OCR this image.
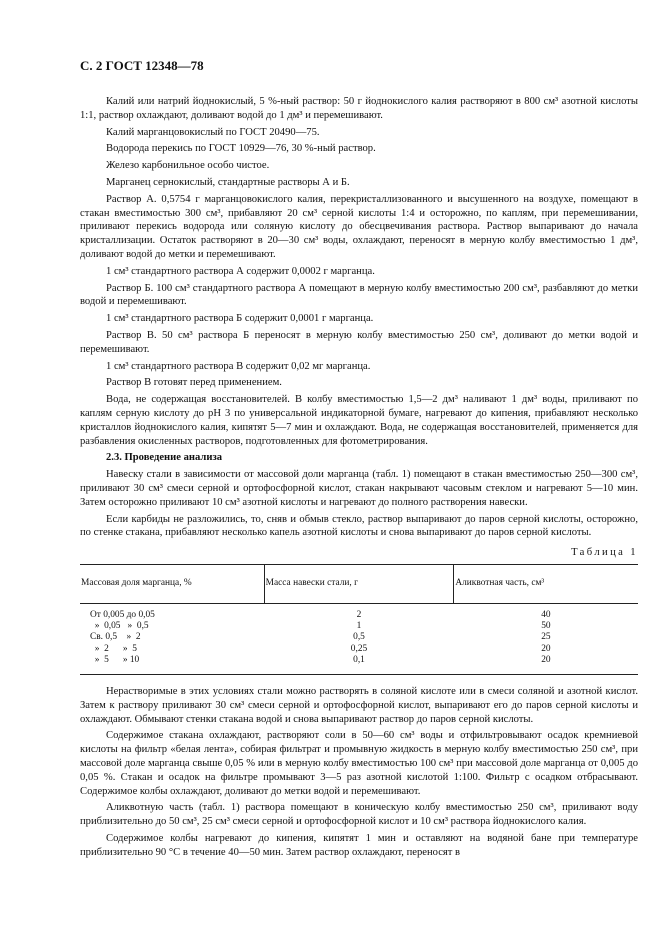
С. 2 ГОСТ 12348—78

Калий или натрий йоднокислый, 5 %-ный раствор: 50 г йоднокислого калия растворяют в 800 см³ азотной кислоты 1:1, раствор охлаждают, доливают водой до 1 дм³ и перемешивают.

Калий марганцовокислый по ГОСТ 20490—75.

Водорода перекись по ГОСТ 10929—76, 30 %-ный раствор.

Железо карбонильное особо чистое.

Марганец сернокислый, стандартные растворы А и Б.

Раствор А. 0,5754 г марганцовокислого калия, перекристаллизованного и высушенного на воздухе, помещают в стакан вместимостью 300 см³, прибавляют 20 см³ серной кислоты 1:4 и осторожно, по каплям, при перемешивании, приливают перекись водорода или соляную кислоту до обесцвечивания раствора. Раствор выпаривают до начала кристаллизации. Остаток растворяют в 20—30 см³ воды, охлаждают, переносят в мерную колбу вместимостью 1 дм³, доливают водой до метки и перемешивают.

1 см³ стандартного раствора А содержит 0,0002 г марганца.

Раствор Б. 100 см³ стандартного раствора А помещают в мерную колбу вместимостью 200 см³, разбавляют до метки водой и перемешивают.

1 см³ стандартного раствора Б содержит 0,0001 г марганца.

Раствор В. 50 см³ раствора Б переносят в мерную колбу вместимостью 250 см³, доливают до метки водой и перемешивают.

1 см³ стандартного раствора В содержит 0,02 мг марганца.

Раствор В готовят перед применением.

Вода, не содержащая восстановителей. В колбу вместимостью 1,5—2 дм³ наливают 1 дм³ воды, приливают по каплям серную кислоту до pH 3 по универсальной индикаторной бумаге, нагревают до кипения, прибавляют несколько кристаллов йоднокислого калия, кипятят 5—7 мин и охлаждают. Вода, не содержащая восстановителей, применяется для разбавления окисленных растворов, подготовленных для фотометрирования.

2.3. Проведение анализа

Навеску стали в зависимости от массовой доли марганца (табл. 1) помещают в стакан вместимостью 250—300 см³, приливают 30 см³ смеси серной и ортофосфорной кислот, стакан накрывают часовым стеклом и нагревают 5—10 мин. Затем осторожно приливают 10 см³ азотной кислоты и нагревают до полного растворения навески.

Если карбиды не разложились, то, сняв и обмыв стекло, раствор выпаривают до паров серной кислоты, осторожно, по стенке стакана, прибавляют несколько капель азотной кислоты и снова выпаривают до паров серной кислоты.

Таблица 1
Массовая доля марганца, %	Масса навески стали, г	Аликвотная часть, см³
От 0,005 до 0,05	2	40
»  0,05   »  0,5	1	50
Св. 0,5    »  2	0,5	25
»  2      »  5	0,25	20
»  5      » 10	0,1	20

Нерастворимые в этих условиях стали можно растворять в соляной кислоте или в смеси соляной и азотной кислот. Затем к раствору приливают 30 см³ смеси серной и ортофосфорной кислот, выпаривают его до паров серной кислоты и охлаждают. Обмывают стенки стакана водой и снова выпаривают раствор до паров серной кислоты.

Содержимое стакана охлаждают, растворяют соли в 50—60 см³ воды и отфильтровывают осадок кремниевой кислоты на фильтр «белая лента», собирая фильтрат и промывную жидкость в мерную колбу вместимостью 250 см³, при массовой доле марганца свыше 0,05 % или в мерную колбу вместимостью 100 см³ при массовой доле марганца от 0,005 до 0,05 %. Стакан и осадок на фильтре промывают 3—5 раз азотной кислотой 1:100. Фильтр с осадком отбрасывают. Содержимое колбы охлаждают, доливают до метки водой и перемешивают.

Аликвотную часть (табл. 1) раствора помещают в коническую колбу вместимостью 250 см³, приливают воду приблизительно до 50 см³, 25 см³ смеси серной и ортофосфорной кислот и 10 см³ раствора йоднокислого калия.

Содержимое колбы нагревают до кипения, кипятят 1 мин и оставляют на водяной бане при температуре приблизительно 90 °С в течение 40—50 мин. Затем раствор охлаждают, переносят в
